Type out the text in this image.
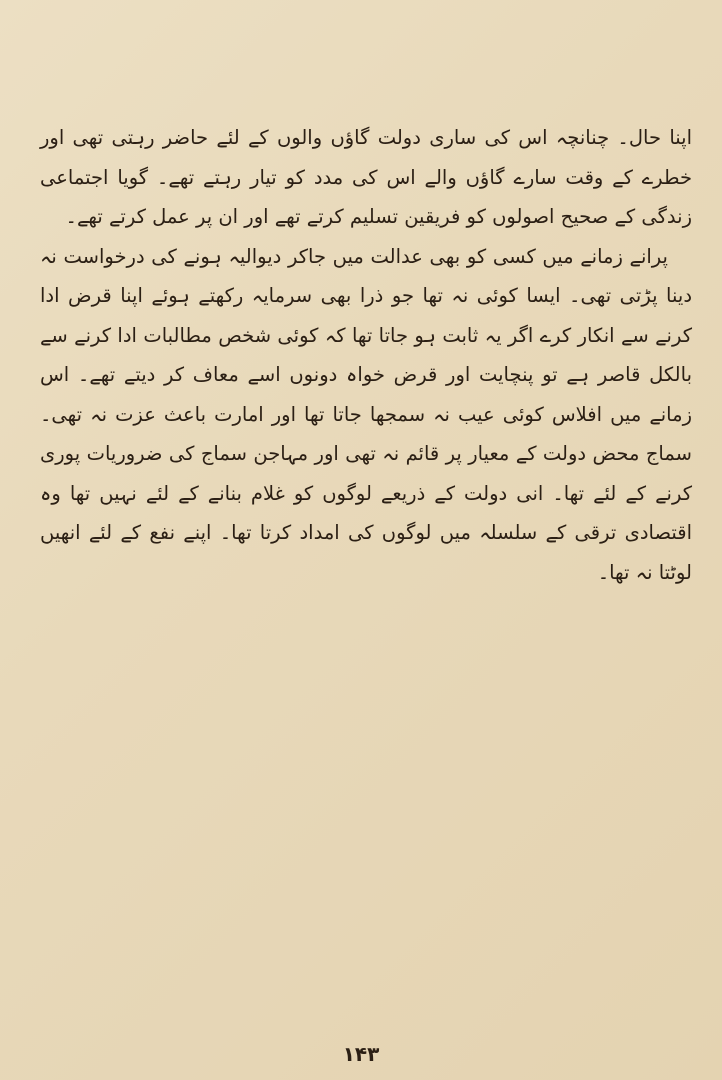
اپنا حال۔ چنانچہ اس کی ساری دولت گاؤں والوں کے لئے حاضر رہتی تھی اور خطرے کے وقت سارے گاؤں والے اس کی مدد کو تیار رہتے تھے۔ گویا اجتماعی زندگی کے صحیح اصولوں کو فریقین تسلیم کرتے تھے اور ان پر عمل کرتے تھے۔

پرانے زمانے میں کسی کو بھی عدالت میں جاکر دیوالیہ ہونے کی درخواست نہ دینا پڑتی تھی۔ ایسا کوئی نہ تھا جو ذرا بھی سرمایہ رکھتے ہوئے اپنا قرض ادا کرنے سے انکار کرے اگر یہ ثابت ہو جاتا تھا کہ کوئی شخص مطالبات ادا کرنے سے بالکل قاصر ہے تو پنچایت اور قرض خواہ دونوں اسے معاف کر دیتے تھے۔ اس زمانے میں افلاس کوئی عیب نہ سمجھا جاتا تھا اور امارت باعث عزت نہ تھی۔ سماج محض دولت کے معیار پر قائم نہ تھی اور مہاجن سماج کی ضروریات پوری کرنے کے لئے تھا۔ انی دولت کے ذریعے لوگوں کو غلام بنانے کے لئے نہیں تھا وہ اقتصادی ترقی کے سلسلہ میں لوگوں کی امداد کرتا تھا۔ اپنے نفع کے لئے انھیں لوٹتا نہ تھا۔

۱۴۳
